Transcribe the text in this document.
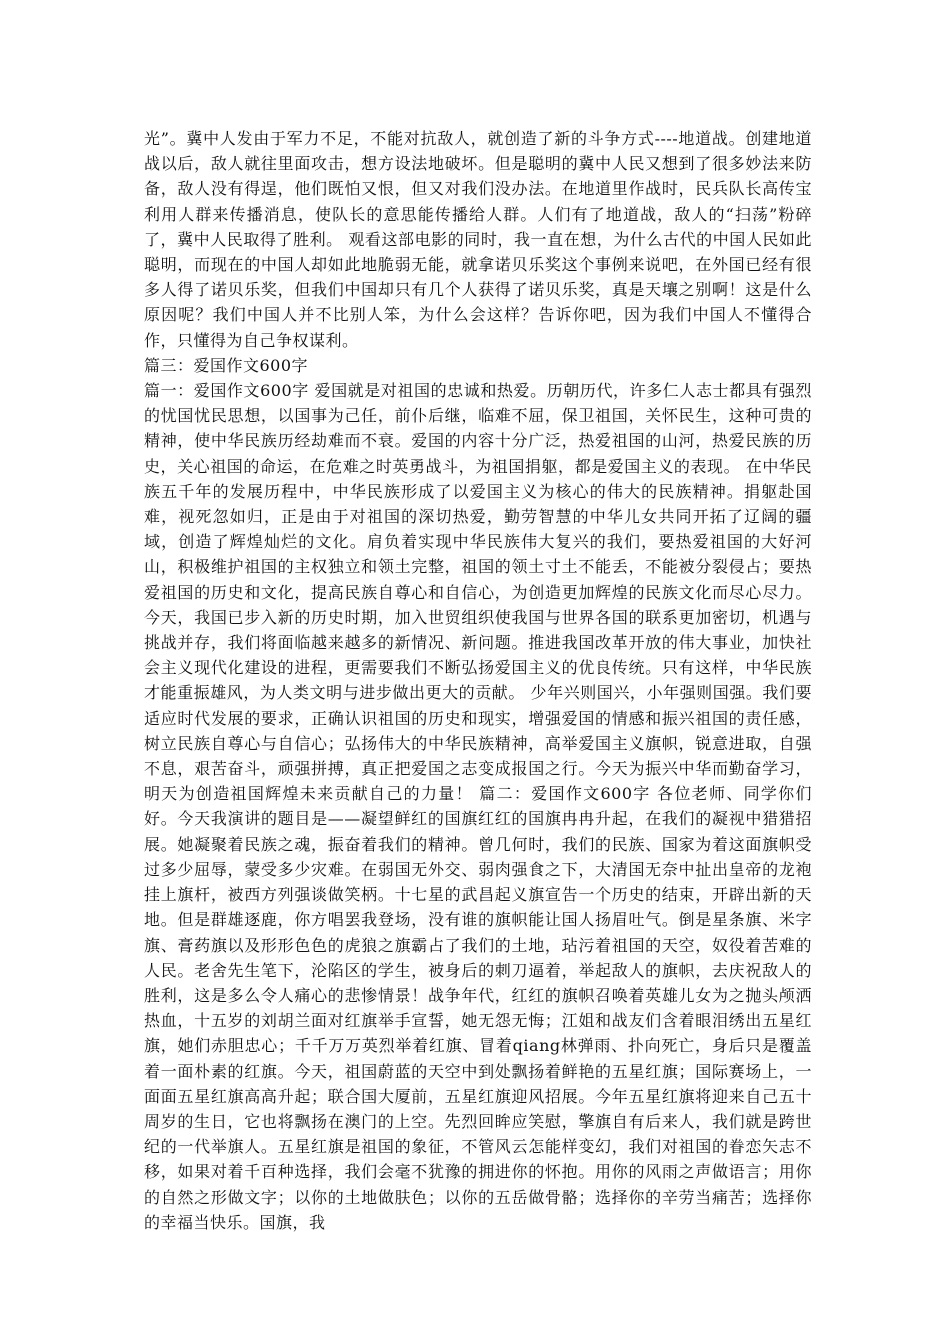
光”。冀中人发由于军力不足，不能对抗敌人，就创造了新的斗争方式----地道战。创建地道战以后，敌人就往里面攻击，想方设法地破坏。但是聪明的冀中人民又想到了很多妙法来防备，敌人没有得逞，他们既怕又恨，但又对我们没办法。在地道里作战时，民兵队长高传宝利用人群来传播消息，使队长的意思能传播给人群。人们有了地道战，敌人的“扫荡”粉碎了，冀中人民取得了胜利。 观看这部电影的同时，我一直在想，为什么古代的中国人民如此聪明，而现在的中国人却如此地脆弱无能，就拿诺贝乐奖这个事例来说吧，在外国已经有很多人得了诺贝乐奖，但我们中国却只有几个人获得了诺贝乐奖，真是天壤之别啊！这是什么原因呢？我们中国人并不比别人笨，为什么会这样？告诉你吧，因为我们中国人不懂得合作，只懂得为自己争权谋利。

篇三：爱国作文600字

篇一：爱国作文600字 爱国就是对祖国的忠诚和热爱。历朝历代，许多仁人志士都具有强烈的忧国忧民思想，以国事为己任，前仆后继，临难不屈，保卫祖国，关怀民生，这种可贵的精神，使中华民族历经劫难而不衰。爱国的内容十分广泛，热爱祖国的山河，热爱民族的历史，关心祖国的命运，在危难之时英勇战斗，为祖国捐躯，都是爱国主义的表现。 在中华民族五千年的发展历程中，中华民族形成了以爱国主义为核心的伟大的民族精神。捐躯赴国难，视死忽如归，正是由于对祖国的深切热爱，勤劳智慧的中华儿女共同开拓了辽阔的疆域，创造了辉煌灿烂的文化。肩负着实现中华民族伟大复兴的我们，要热爱祖国的大好河山，积极维护祖国的主权独立和领土完整，祖国的领土寸土不能丢，不能被分裂侵占；要热爱祖国的历史和文化，提高民族自尊心和自信心，为创造更加辉煌的民族文化而尽心尽力。 今天，我国已步入新的历史时期，加入世贸组织使我国与世界各国的联系更加密切，机遇与挑战并存，我们将面临越来越多的新情况、新问题。推进我国改革开放的伟大事业，加快社会主义现代化建设的进程，更需要我们不断弘扬爱国主义的优良传统。只有这样，中华民族才能重振雄风，为人类文明与进步做出更大的贡献。 少年兴则国兴，小年强则国强。我们要适应时代发展的要求，正确认识祖国的历史和现实，增强爱国的情感和振兴祖国的责任感，树立民族自尊心与自信心；弘扬伟大的中华民族精神，高举爱国主义旗帜，锐意进取，自强不息，艰苦奋斗，顽强拼搏，真正把爱国之志变成报国之行。今天为振兴中华而勤奋学习，明天为创造祖国辉煌未来贡献自己的力量！ 篇二：爱国作文600字 各位老师、同学你们好。今天我演讲的题目是——凝望鲜红的国旗红红的国旗冉冉升起，在我们的凝视中猎猎招展。她凝聚着民族之魂，振奋着我们的精神。曾几何时，我们的民族、国家为着这面旗帜受过多少屈辱，蒙受多少灾难。在弱国无外交、弱肉强食之下，大清国无奈中扯出皇帝的龙袍挂上旗杆，被西方列强谈做笑柄。十七星的武昌起义旗宣告一个历史的结束，开辟出新的天地。但是群雄逐鹿，你方唱罢我登场，没有谁的旗帜能让国人扬眉吐气。倒是星条旗、米字旗、膏药旗以及形形色色的虎狼之旗霸占了我们的土地，玷污着祖国的天空，奴役着苦难的人民。老舍先生笔下，沦陷区的学生，被身后的刺刀逼着，举起敌人的旗帜，去庆祝敌人的胜利，这是多么令人痛心的悲惨情景！战争年代，红红的旗帜召唤着英雄儿女为之抛头颅洒热血，十五岁的刘胡兰面对红旗举手宣誓，她无怨无悔；江姐和战友们含着眼泪绣出五星红旗，她们赤胆忠心；千千万万英烈举着红旗、冒着qiang林弹雨、扑向死亡，身后只是覆盖着一面朴素的红旗。今天，祖国蔚蓝的天空中到处飘扬着鲜艳的五星红旗；国际赛场上，一面面五星红旗高高升起；联合国大厦前，五星红旗迎风招展。今年五星红旗将迎来自己五十周岁的生日，它也将飘扬在澳门的上空。先烈回眸应笑慰，擎旗自有后来人，我们就是跨世纪的一代举旗人。五星红旗是祖国的象征，不管风云怎能样变幻，我们对祖国的眷恋矢志不移，如果对着千百种选择，我们会毫不犹豫的拥进你的怀抱。用你的风雨之声做语言；用你的自然之形做文字；以你的土地做肤色；以你的五岳做骨骼；选择你的辛劳当痛苦；选择你的幸福当快乐。国旗，我
